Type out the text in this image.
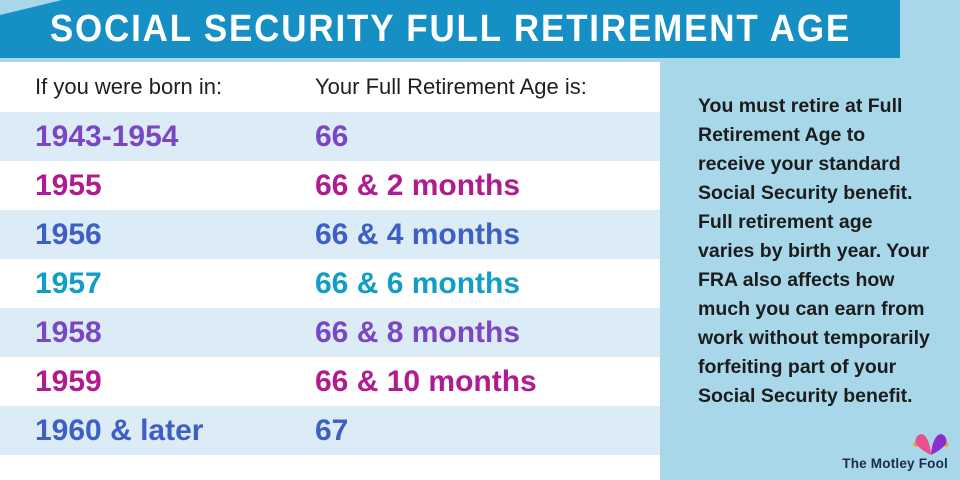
SOCIAL SECURITY FULL RETIREMENT AGE
If you were born in:	Your Full Retirement Age is:
1943-1954	66
1955	66 & 2 months
1956	66 & 4 months
1957	66 & 6 months
1958	66 & 8 months
1959	66 & 10 months
1960 & later	67

You must retire at Full Retirement Age to receive your standard Social Security benefit. Full retirement age varies by birth year. Your FRA also affects how much you can earn from work without temporarily forfeiting part of your Social Security benefit.

The Motley Fool
